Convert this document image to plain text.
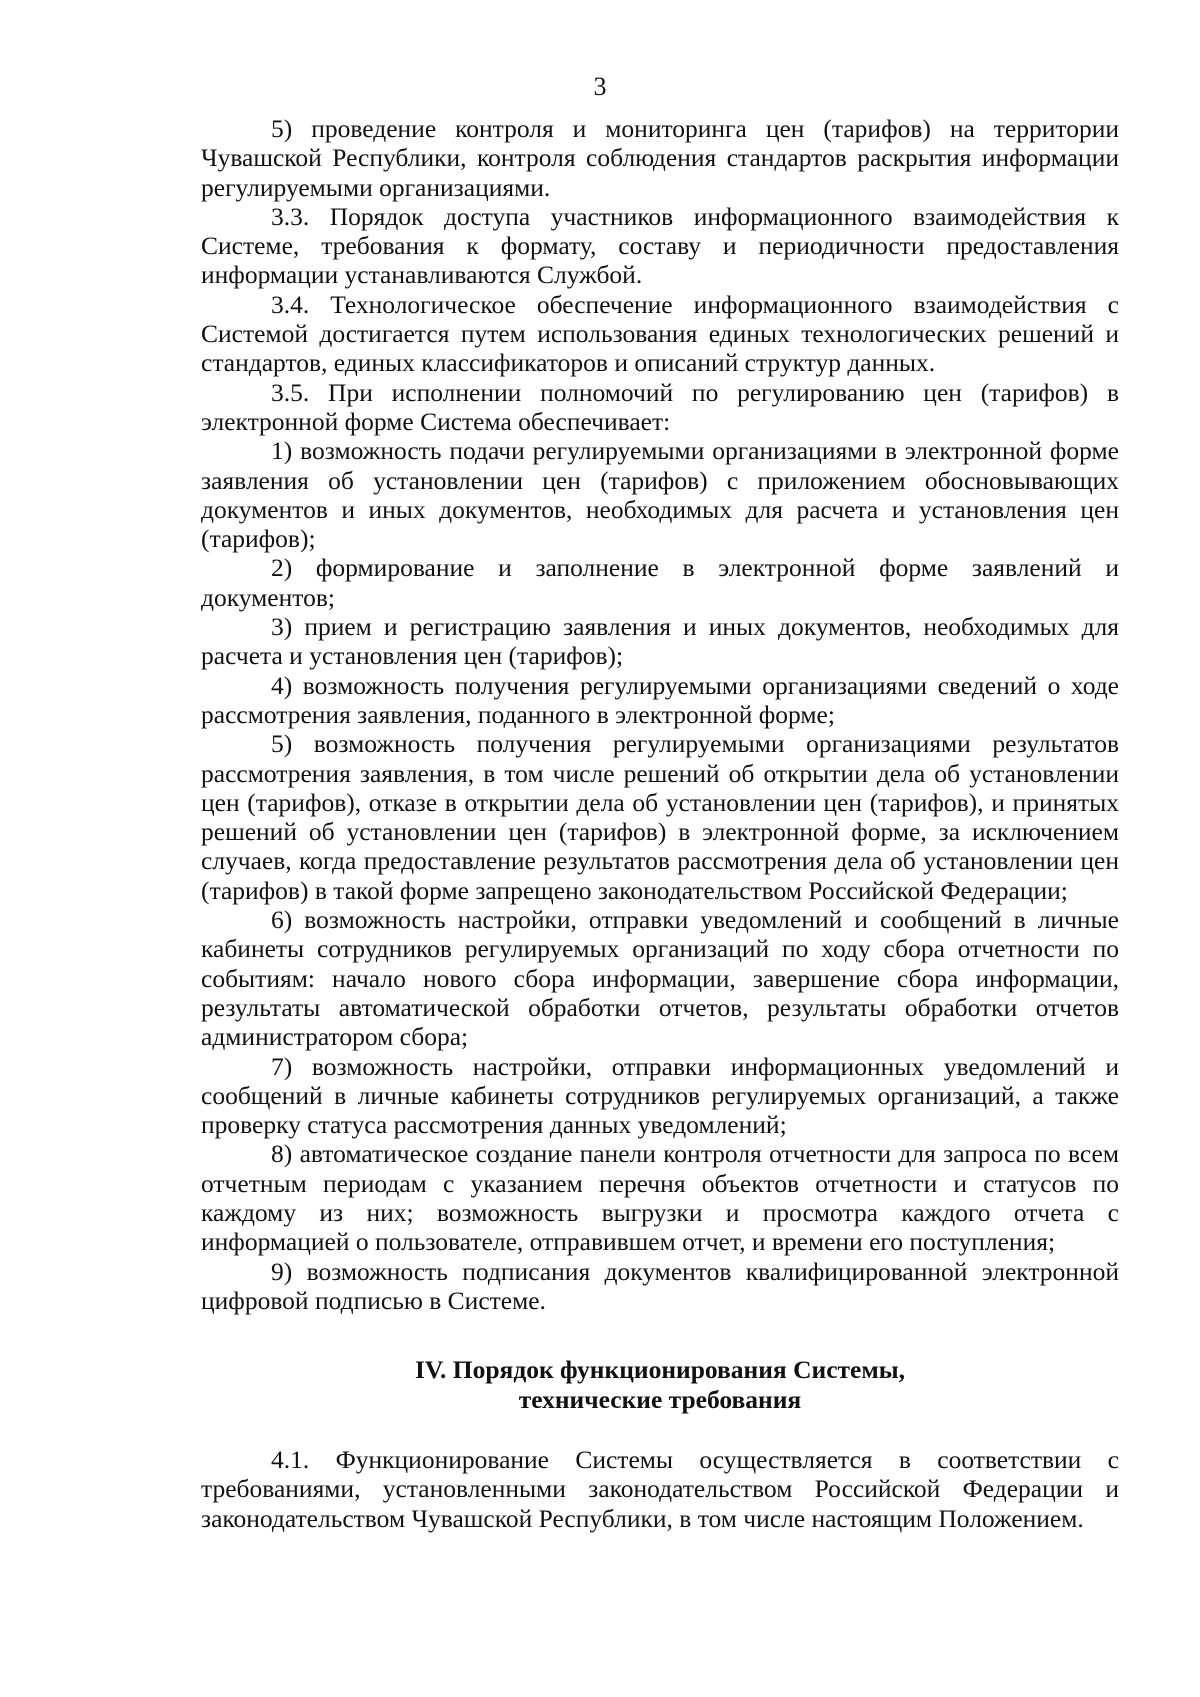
3

5) проведение контроля и мониторинга цен (тарифов) на территории Чувашской Республики, контроля соблюдения стандартов раскрытия информации регулируемыми организациями.

3.3. Порядок доступа участников информационного взаимодействия к Системе, требования к формату, составу и периодичности предоставления информации устанавливаются Службой.

3.4. Технологическое обеспечение информационного взаимодействия с Системой достигается путем использования единых технологических решений и стандартов, единых классификаторов и описаний структур данных.

3.5. При исполнении полномочий по регулированию цен (тарифов) в электронной форме Система обеспечивает:

1) возможность подачи регулируемыми организациями в электронной форме заявления об установлении цен (тарифов) с приложением обосновывающих документов и иных документов, необходимых для расчета и установления цен (тарифов);

2) формирование и заполнение в электронной форме заявлений и документов;

3) прием и регистрацию заявления и иных документов, необходимых для расчета и установления цен (тарифов);

4) возможность получения регулируемыми организациями сведений о ходе рассмотрения заявления, поданного в электронной форме;

5) возможность получения регулируемыми организациями результатов рассмотрения заявления, в том числе решений об открытии дела об установлении цен (тарифов), отказе в открытии дела об установлении цен (тарифов), и принятых решений об установлении цен (тарифов) в электронной форме, за исключением случаев, когда предоставление результатов рассмотрения дела об установлении цен (тарифов) в такой форме запрещено законодательством Российской Федерации;

6) возможность настройки, отправки уведомлений и сообщений в личные кабинеты сотрудников регулируемых организаций по ходу сбора отчетности по событиям: начало нового сбора информации, завершение сбора информации, результаты автоматической обработки отчетов, результаты обработки отчетов администратором сбора;

7) возможность настройки, отправки информационных уведомлений и сообщений в личные кабинеты сотрудников регулируемых организаций, а также проверку статуса рассмотрения данных уведомлений;

8) автоматическое создание панели контроля отчетности для запроса по всем отчетным периодам с указанием перечня объектов отчетности и статусов по каждому из них; возможность выгрузки и просмотра каждого отчета с информацией о пользователе, отправившем отчет, и времени его поступления;

9) возможность подписания документов квалифицированной электронной цифровой подписью в Системе.

IV. Порядок функционирования Системы,
технические требования

4.1. Функционирование Системы осуществляется в соответствии с требованиями, установленными законодательством Российской Федерации и законодательством Чувашской Республики, в том числе настоящим Положением.
